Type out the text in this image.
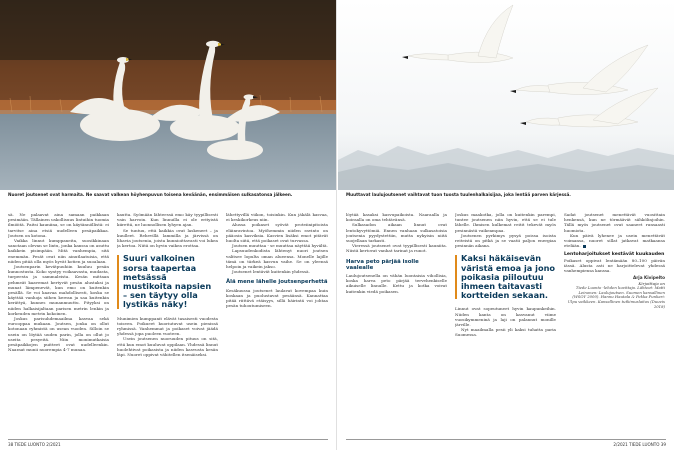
Nuoret joutsenet ovat harmaita. Ne saavat valkean höyhenpuvun toisena keväänän, ensimmäisen sulkasatonsa jälkeen.

sä. Ne palaavat aina samaan paikkaan pesimään. Tällainen uskollisuus lintuihin tuomia ilmiöitä. Paitsi kauniina, se on käytännöllistä: ei tarvitse aina etsiä uudelleen pesäpaikkaa. Joutsen on kotona.

Vaikka linnut kumppaneita, suosikkinaan sanotaan olevan se lintu, jonka kanssa on asuttu kaikkein pisimpään. Mitä vanhempia, sitä enemmän. Pesät ovat niin ainutlaatuisia, että niiden pitää olla myös hyvät kotien ja suoalaan.

Joutsenparin kevätpuuhiin kuuluu pesän kunnostusta. Koko syntyy voikaavasta, mudasta, turpeesta ja sammaleista. Kesän mittaan pehmeät kaavemat kertyvät pesän alustaksi ja munat lämpenevät, kun emo on kuitenkin pesällä. Se voi kaavaa mahdollisesti, koska se käyttää vanhoja siihen kerran ja saa kuitenkin kerättyä, kunnes munanmuuttu. Pityyksi on niiden halkaisijaltaan parisen metrin lenkin ja korkeuden metrin kokoinen.

Joskus parisuhdemaailma kasvaa sekä eurooppaa mukaan. Joutsen, jonka on ollut kotonaan ryhmistä on usean vuoden. Silloin se usein on löytää uuden parin, jolla on ollut jo useita pesyeitä. Niin monimutkaisia pesäpaikkojen puitteet ovat uudelleenkin. Naaraat munii nuorempia 4-7 munaa.

kautta. Syömään lähteessä emo käy tyypillisesti vain harvoin. Kun linnuilla ei ole erityistä kiirettä, ne luonnollisen lyhyen ajan.

Se tuntuu, että kaikkia ovat laskeneet – ja kuulleet. Rehevillä lammilla ja järvissä on lihavia joutsenia, joista kunnioittavasti voi lukea ja kertoa. Niitä on hyvin vaikea erottaa.

Suuri valkoinen sorsa taapertaa metsässä mustikoita napsien – sen täytyy olla lystikäs näky!

Munimien kumppanit elävät tasaisesti vuodesta toiseen. Poikueet kuoriutuvat usein pienissä ryhmissä. Vanhemmat ja poikaset voivat jäädä yhdessä jopa puoleen vuoteen.

Usein joutsenen nuoruuden pituus on sitä, että kun emot kuuluvat oppilaan. Yhdessä linnut huolehtivat poikasista ja niiden kasvusta kesän läpi. Nuoret oppivat vähitellen itsenäiseksi.

lähettyvillä viikon, toisinkin. Kun jäkälä kasvaa, ei keskikorkeus niin.

Alussa poikaset syövät proteiinipitoista eläinravintoa. Myöhemmin niiden ravinto on pääosin kasviksia. Kasvien lisäksi emot pitävät huolta siitä, että poikaset ovat turvassa.

Joutsen muuttaa - se muuttaa näyttää hyvältä.

Lapsuudenkodista lähtenyt nuori joutsen valitsee lopulta oman alueensa. Monelle lajille tämä on tärkeä kasvun vaihe. Se on yleensä helpoin ja vaikein jakso.

Joutsenet lentävät kuitenkin yhdessä.

Älä mene lähelle joutsenperhettä

Kesäkuussa joutsenet laulavat kovempaa kuin koskaan ja puolustavat pesäänsä. Kannattaa pitää riittävä etäisyys, sillä häirintä voi johtaa pesän tuhoutumiseen.

38 TIEDE LUONTO 2/2021
Muuttavat laulujoutsenet vaihtavat tuon tuosta tuulenhalkaisijaa, joka lentää parven kärjessä.

löytää kasaksi kasvupaikoista. Naaraalla ja koiraalla on oma tehtävänsä.

Sulkasadon aikaan linnut ovat lentokyvyttömiä. Ennen vanhaan sulkasatoisia joutsenia pyydystettiin, mutta nykyisin niitä suojellaan tarkasti.

Vieressä joutsenet ovat tyypillisesti kauniita. Niistä kertovat vanhat tarinat ja runot.

Harva peto pärjää isolle vaalealle

Laulujoutsenella on vähän luontaisia vihollisia, koska harva peto pärjää tervehenkiselle aikuiselle linnulle. Kettu ja kotka voivat kuitenkin viedä poikasen.

Joskus maakotka, jolla on kuitenkin parempi, tuntee joutsenen niin hyvin, että se ei tule lähelle. Ihmisen kulkemat reitit tekevät myös pesinnästä vaikeampaa.

Joutsenen pyrkimys pysyä poissa isoista reiteistä on pitkä ja se vaatii paljon energiaa pesinnän aikana.

Kaksi häkäisevän väristä emoa ja jono poikasia piiloutuu ihmeen taitavasti kortteiden sekaan.

Linnut ovat sopeutuneet hyvin kaupunkeihin. Niiden kanta on kasvanut viime vuosikymmeninä ja laji on palannut monille järville.

Nyt maailmalla pesii yli kaksi tuhatta paria Suomessa.

Sadat joutsenet menettävät vuosittain henkensä, kun ne törmäävät sähkölinjoihin. Tällä myös joutsenet ovat saaneet runsaasti huomiota.

Kun päivä lyhenee ja usein menettävät voimansa, nuoret sillat jatkavat matkaansa etelään.

Lentoharjoitukset kestävät kuukauden

Poikaset oppivat lentämään 80–100 päivän iässä. Alusta asti ne harjoittelevat yhdessä vanhempiensa kanssa.

Arja Kivipelto
Kirjoittaja on
Tiede Luonto -lehden kuvittaja. Lähteet: Matti Leinonen: Laulujoutsen. Suomen kansallinen (WSOY 2000). Hannu Hautala & Pekka Punkari: Ulpu vaikkeen. Kansallinen tutkimuslaitos (Duuvis 2018)
2/2021 TIEDE LUONTO 39
